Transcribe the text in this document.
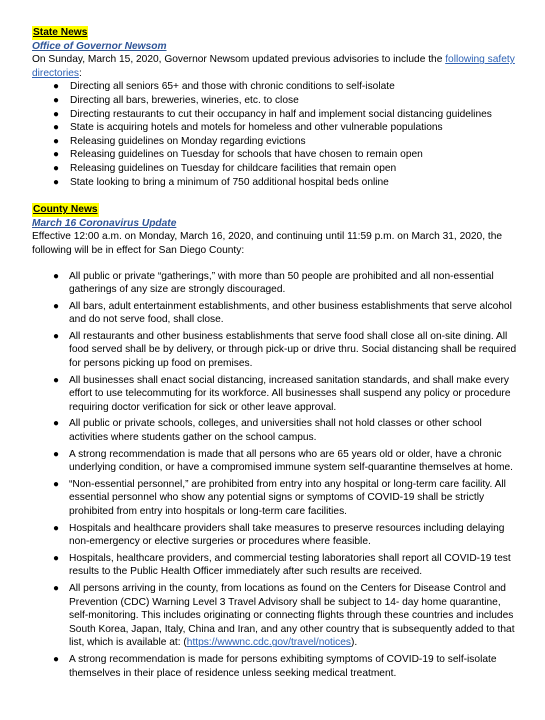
State News
Office of Governor Newsom
On Sunday, March 15, 2020, Governor Newsom updated previous advisories to include the following safety directories:
● Directing all seniors 65+ and those with chronic conditions to self-isolate
● Directing all bars, breweries, wineries, etc. to close
● Directing restaurants to cut their occupancy in half and implement social distancing guidelines
● State is acquiring hotels and motels for homeless and other vulnerable populations
● Releasing guidelines on Monday regarding evictions
● Releasing guidelines on Tuesday for schools that have chosen to remain open
● Releasing guidelines on Tuesday for childcare facilities that remain open
● State looking to bring a minimum of 750 additional hospital beds online
County News
March 16 Coronavirus Update
Effective 12:00 a.m. on Monday, March 16, 2020, and continuing until 11:59 p.m. on March 31, 2020, the following will be in effect for San Diego County:
● All public or private “gatherings,” with more than 50 people are prohibited and all non-essential gatherings of any size are strongly discouraged.
● All bars, adult entertainment establishments, and other business establishments that serve alcohol and do not serve food, shall close.
● All restaurants and other business establishments that serve food shall close all on-site dining. All food served shall be by delivery, or through pick-up or drive thru. Social distancing shall be required for persons picking up food on premises.
● All businesses shall enact social distancing, increased sanitation standards, and shall make every effort to use telecommuting for its workforce. All businesses shall suspend any policy or procedure requiring doctor verification for sick or other leave approval.
● All public or private schools, colleges, and universities shall not hold classes or other school activities where students gather on the school campus.
● A strong recommendation is made that all persons who are 65 years old or older, have a chronic underlying condition, or have a compromised immune system self-quarantine themselves at home.
● “Non-essential personnel,” are prohibited from entry into any hospital or long-term care facility. All essential personnel who show any potential signs or symptoms of COVID-19 shall be strictly prohibited from entry into hospitals or long-term care facilities.
● Hospitals and healthcare providers shall take measures to preserve resources including delaying non-emergency or elective surgeries or procedures where feasible.
● Hospitals, healthcare providers, and commercial testing laboratories shall report all COVID-19 test results to the Public Health Officer immediately after such results are received.
● All persons arriving in the county, from locations as found on the Centers for Disease Control and Prevention (CDC) Warning Level 3 Travel Advisory shall be subject to 14- day home quarantine, self-monitoring. This includes originating or connecting flights through these countries and includes South Korea, Japan, Italy, China and Iran, and any other country that is subsequently added to that list, which is available at: (https://wwwnc.cdc.gov/travel/notices).
● A strong recommendation is made for persons exhibiting symptoms of COVID-19 to self-isolate themselves in their place of residence unless seeking medical treatment.
